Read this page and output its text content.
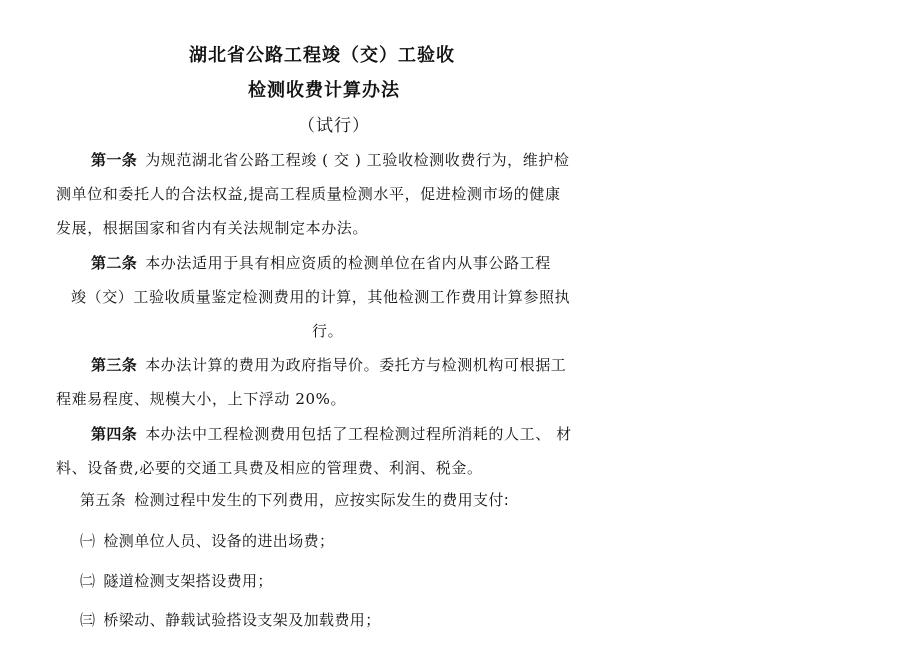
湖北省公路工程竣（交）工验收
检测收费计算办法
（试行）
第一条 为规范湖北省公路工程竣 ( 交 ) 工验收检测收费行为，维护检
测单位和委托人的合法权益,提高工程质量检测水平，促进检测市场的健康
发展，根据国家和省内有关法规制定本办法。
第二条 本办法适用于具有相应资质的检测单位在省内从事公路工程
竣（交）工验收质量鉴定检测费用的计算，其他检测工作费用计算参照执
行。
第三条 本办法计算的费用为政府指导价。委托方与检测机构可根据工
程难易程度、规模大小，上下浮动 20%。
第四条 本办法中工程检测费用包括了工程检测过程所消耗的人工、 材
料、设备费,必要的交通工具费及相应的管理费、利润、税金。
第五条 检测过程中发生的下列费用，应按实际发生的费用支付:
㈠ 检测单位人员、设备的进出场费；
㈡ 隧道检测支架搭设费用；
㈢ 桥梁动、静载试验搭设支架及加载费用；
